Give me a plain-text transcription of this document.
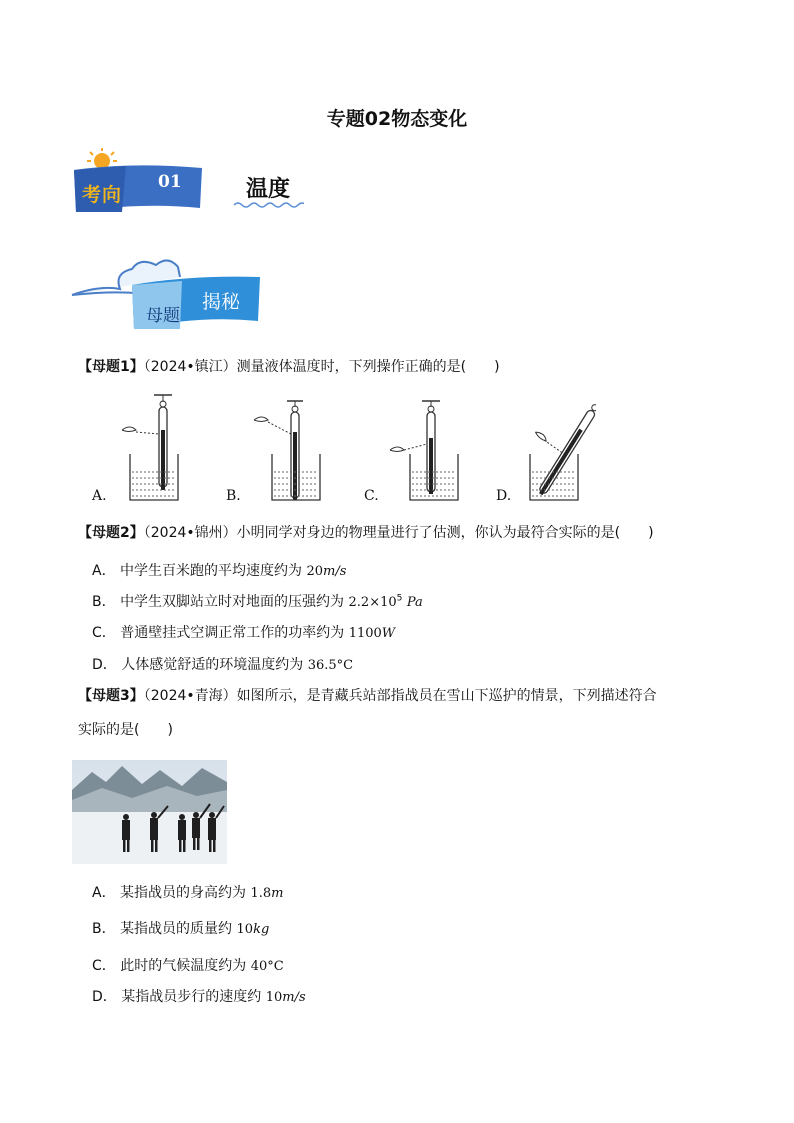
专题02物态变化
考向
01	温度
母题
揭秘
【母题1】（2024•镇江）测量液体温度时，下列操作正确的是(　　)
A.	B.	C.	D.
【母题2】（2024•锦州）小明同学对身边的物理量进行了估测，你认为最符合实际的是(　　)
A． 中学生百米跑的平均速度约为 20m/s
B． 中学生双脚站立时对地面的压强约为 $2.2\times 10^5$ Pa
C． 普通壁挂式空调正常工作的功率约为 1100W
D． 人体感觉舒适的环境温度约为 36.5°C
【母题3】（2024•青海）如图所示，是青藏兵站部指战员在雪山下巡护的情景，下列描述符合
实际的是(　　)
A． 某指战员的身高约为 1.8m
B． 某指战员的质量约 10kg
C． 此时的气候温度约为 40°C
D． 某指战员步行的速度约 10m/s
